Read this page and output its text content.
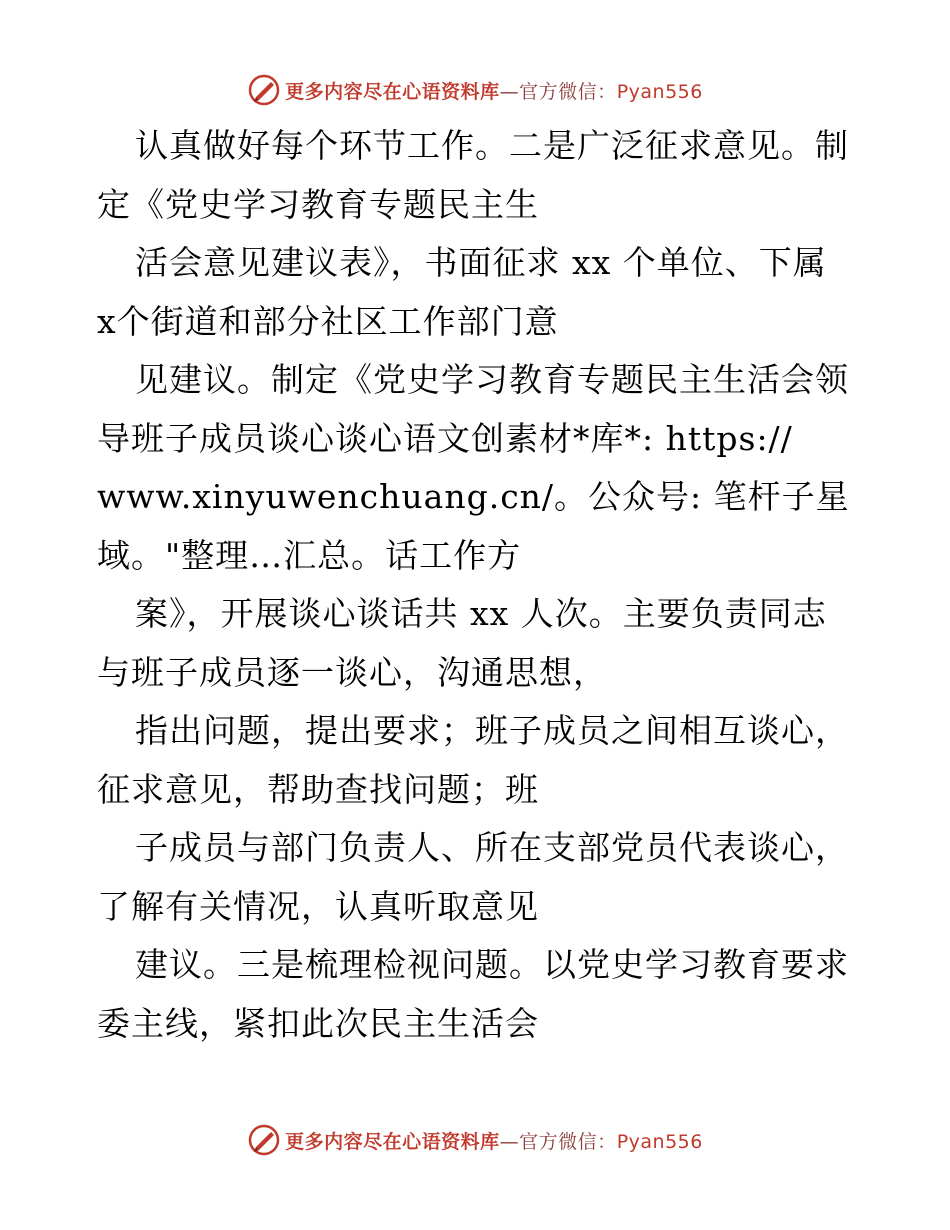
更多内容尽在心语资料库—官方微信：Pyan556
认真做好每个环节工作。二是广泛征求意见。制
定《党史学习教育专题民主生
活会意见建议表》，书面征求 xx 个单位、下属
x个街道和部分社区工作部门意
见建议。制定《党史学习教育专题民主生活会领
导班子成员谈心谈心语文创素材*库*: https://
www.xinyuwenchuang.cn/。公众号: 笔杆子星
域。"整理…汇总。话工作方
案》，开展谈心谈话共 xx 人次。主要负责同志
与班子成员逐一谈心，沟通思想，
指出问题，提出要求；班子成员之间相互谈心，
征求意见，帮助查找问题；班
子成员与部门负责人、所在支部党员代表谈心，
了解有关情况，认真听取意见
建议。三是梳理检视问题。以党史学习教育要求
委主线，紧扣此次民主生活会
更多内容尽在心语资料库—官方微信：Pyan556
